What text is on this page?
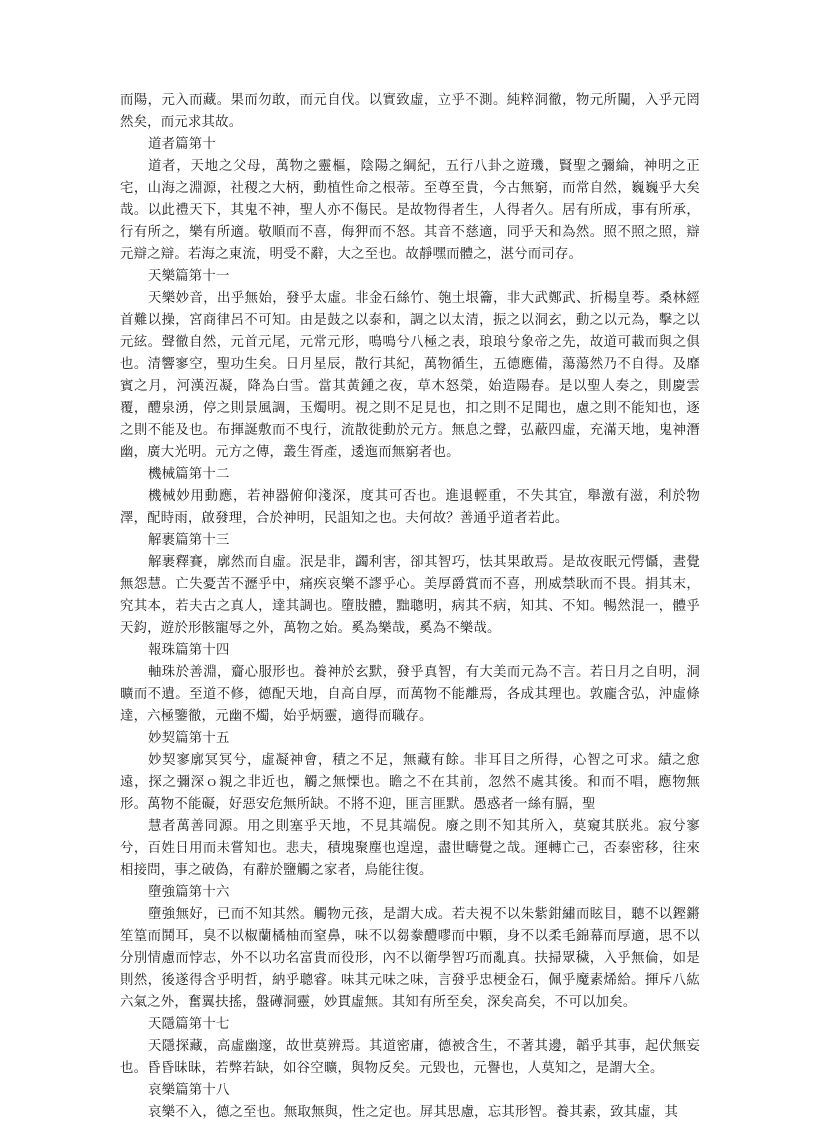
而陽，元入而藏。果而勿敢，而元自伐。以實致虛，立乎不測。純粹洞徹，物元所闚，入乎元罔然矣，而元求其故。

道者篇第十

道者，天地之父母，萬物之靈樞，陰陽之綱紀，五行八卦之遊璣，賢聖之彌綸，神明之正宅，山海之淵源，社稷之大柄，動植性命之根蒂。至尊至貴，今古無窮，而常自然，巍巍乎大矣哉。以此禮天下，其鬼不神，聖人亦不傷民。是故物得者生，人得者久。居有所成，事有所承，行有所之，樂有所適。敬順而不喜，侮狎而不怒。其音不慈適，同乎天和為然。照不照之照，辯元辯之辯。若海之東流，明受不辭，大之至也。故靜嘿而體之，湛兮而司存。

天樂篇第十一

天樂妙音，出乎無始，發乎太虛。非金石絲竹、匏土垠籥，非大武鄭武、折楊皇荂。桑林經首難以操，宮商律呂不可知。由是鼓之以泰和，調之以太清，振之以洞玄，動之以元為，擊之以元絃。聲徹自然，元首元尾，元常元形，鳴鳴兮八極之表，琅琅兮象帝之先，故道可載而與之俱也。清響寥空，聖功生矣。日月星辰，散行其紀，萬物循生，五德應備，蕩蕩然乃不自得。及靡賓之月，河漢沍凝，降為白雪。當其黃鍾之夜，草木怒榮，始造陽春。是以聖人奏之，則慶雲覆，醴泉湧，停之則景風調，玉燭明。視之則不足見也，扣之則不足聞也，慮之則不能知也，逐之則不能及也。布揮誕敷而不曳行，流散徙動於元方。無息之聲，弘蔽四虛，充滿天地，鬼神潛幽，廣大光明。元方之傳，叢生胥產，逶迤而無窮者也。

機械篇第十二

機械妙用動應，若神器俯仰淺深，度其可否也。進退輕重，不失其宜，舉激有滋，利於物澤，配時雨，啟發理，合於神明，民詛知之也。夫何故？善通乎道者若此。

解裹篇第十三

解裹釋賽，廓然而自虛。泯是非，蠲利害，卻其智巧，怯其果敢焉。是故夜眠元愕懾，晝覺無怨慧。亡失憂苦不瀝乎中，痛疾哀樂不謬乎心。美厚爵賞而不喜，刑威禁耿而不畏。捐其末，究其本，若夫古之真人，達其調也。墮肢體，黜聰明，病其不病，知其、不知。暢然混一，體乎天鈞，遊於形骸寵辱之外，萬物之始。奚為樂哉，奚為不樂哉。

報珠篇第十四

軸珠於善淵，齎心服形也。養神於玄默，發乎真智，有大美而元為不言。若日月之自明，洞曠而不遺。至道不修，德配天地，自高自厚，而萬物不能離焉，各成其理也。敦龐含弘，沖虛條達，六極鑒徹，元幽不燭，始乎炳靈，適得而職存。

妙契篇第十五

妙契寥廓冥冥兮，虛凝神會，積之不足，無藏有餘。非耳目之所得，心智之可求。績之愈遠，探之彌深ｏ親之非近也，觸之無慄也。瞻之不在其前，忽然不處其後。和而不唱，應物無形。萬物不能礙，好惡安危無所缺。不將不迎，匪言匪默。愚惑者一絲有膈，聖

慧者萬善同源。用之則塞乎天地，不見其端倪。廢之則不知其所入，莫窺其朕兆。寂兮寥兮，百姓日用而未嘗知也。悲夫，積塊聚塵也遑遑，盡世疇覺之哉。運轉亡己，否泰密移，往來相接問，事之破偽，有辭於鹽觸之家者，烏能往復。

墮強篇第十六

墮強無好，已而不知其然。觸物元孩，是謂大成。若夫視不以朱紫鉗繡而眩目，聽不以鏗鏘笙篁而鬨耳，臭不以椒蘭橘柚而窒鼻，味不以芻豢醴嘐而中顆，身不以柔毛錦幕而厚適，思不以分別情慮而悖志，外不以功名富貴而役形，內不以衛學智巧而亂真。扶掃眾穢，入乎無倫，如是則然，後遂得含乎明哲，納乎聰睿。味其元味之味，言發乎忠梗金石，佩乎魔素烯給。揮斥八紘六氣之外，奮翼扶搖，盤礡洞靈，妙貫虛無。其知有所至矣，深矣高矣，不可以加矣。

天隱篇第十七

天隱探藏，高虛幽邃，故世莫辨焉。其道密庸，德被含生，不著其邊，韜乎其事，起伏無妄也。昏昏昧昧，若弊若缺，如谷空曠，與物反矣。元毀也，元譽也，人莫知之，是謂大全。

哀樂篇第十八

哀樂不入，德之至也。無取無與，性之定也。屏其思慮，忘其形智。養其素，致其虛，其
